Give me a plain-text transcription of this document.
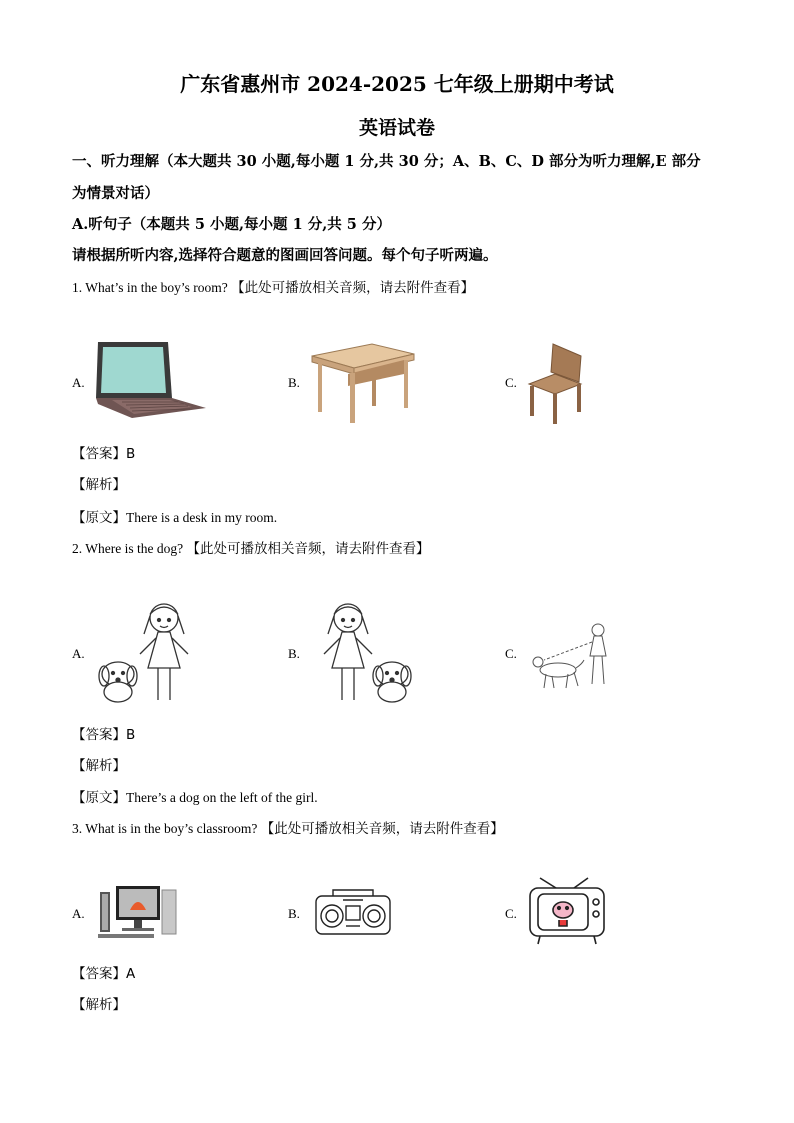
广东省惠州市 2024-2025 七年级上册期中考试
英语试卷
一、听力理解（本大题共 30 小题,每小题 1 分,共 30 分；A、B、C、D 部分为听力理解,E 部分
为情景对话）
A.听句子（本题共 5 小题,每小题 1 分,共 5 分）
请根据所听内容,选择符合题意的图画回答问题。每个句子听两遍。
1. What’s in the boy’s room? 【此处可播放相关音频，请去附件查看】
A.	B.	C.
【答案】B
【解析】
【原文】There is a desk in my room.
2. Where is the dog? 【此处可播放相关音频，请去附件查看】
A.	B.	C.
【答案】B
【解析】
【原文】There’s a dog on the left of the girl.
3. What is in the boy’s classroom? 【此处可播放相关音频，请去附件查看】
A.	B.	C.
【答案】A
【解析】
